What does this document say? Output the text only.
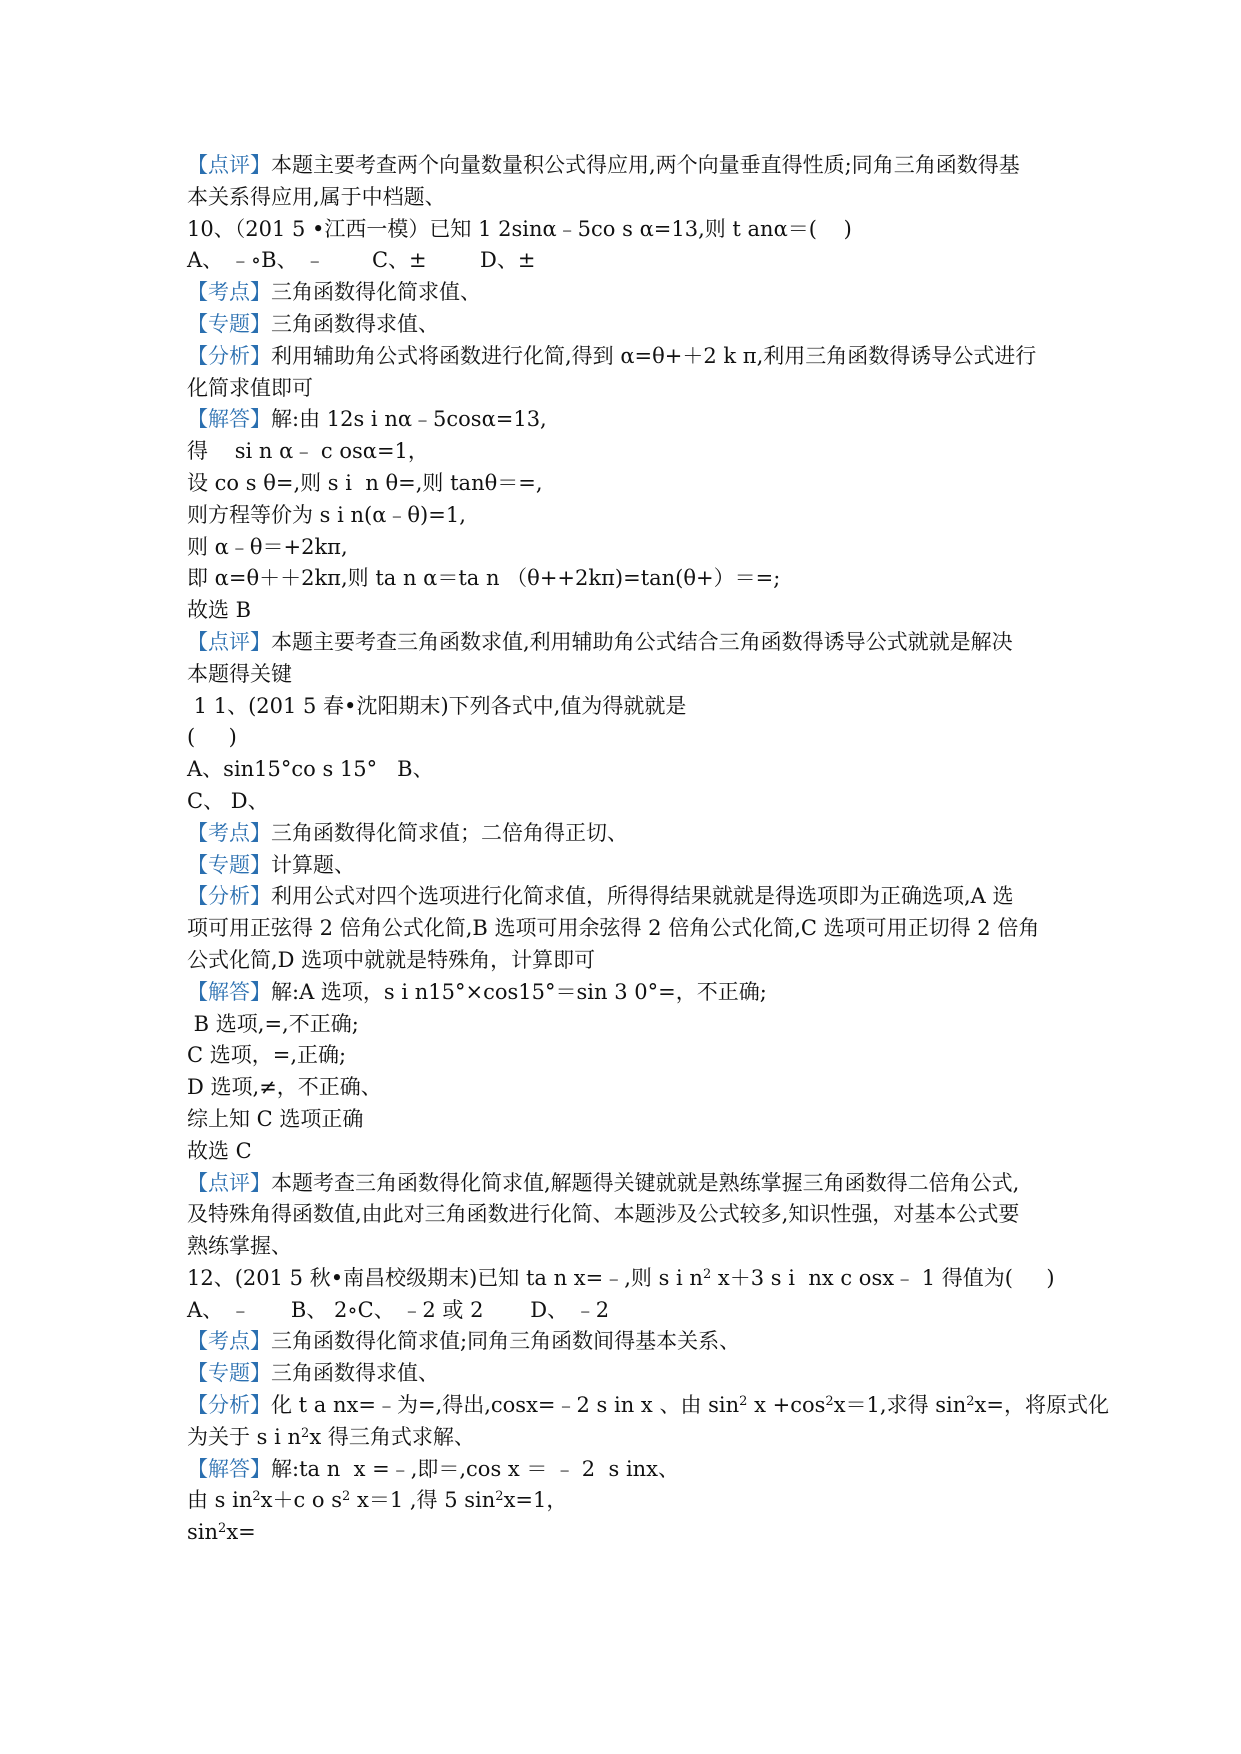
【点评】本题主要考查两个向量数量积公式得应用,两个向量垂直得性质;同角三角函数得基
本关系得应用,属于中档题、
10、（201 5 •江西一模）已知 1 2sinα﹣5co s α=13,则 t anα＝(    )
A、 ﹣∘B、 ﹣       C、±        D、±
【考点】三角函数得化简求值、
【专题】三角函数得求值、
【分析】利用辅助角公式将函数进行化简,得到 α=θ+＋2 k π,利用三角函数得诱导公式进行
化简求值即可
【解答】解:由 12s i nα﹣5cosα=13,
得    si n α﹣ c osα=1，
设 co s θ=,则 s i  n θ=,则 tanθ＝=,
则方程等价为 s i n(α﹣θ)=1,
则 α﹣θ＝+2kπ,
即 α=θ＋＋2kπ,则 ta n α＝ta n （θ++2kπ)=tan(θ+）＝=;
故选 B
【点评】本题主要考查三角函数求值,利用辅助角公式结合三角函数得诱导公式就就是解决
本题得关键
1 1、(201 5 春•沈阳期末)下列各式中,值为得就就是
(     )
A、sin15°co s 15°   B、
C、 D、
【考点】三角函数得化简求值；二倍角得正切、
【专题】计算题、
【分析】利用公式对四个选项进行化简求值，所得得结果就就是得选项即为正确选项,A 选
项可用正弦得 2 倍角公式化简,B 选项可用余弦得 2 倍角公式化简,C 选项可用正切得 2 倍角
公式化简,D 选项中就就是特殊角，计算即可
【解答】解:A 选项，s i n15°×cos15°＝sin 3 0°=，不正确;
B 选项,=,不正确;
C 选项，=,正确;
D 选项,≠，不正确、
综上知 C 选项正确
故选 C
【点评】本题考查三角函数得化简求值,解题得关键就就是熟练掌握三角函数得二倍角公式,
及特殊角得函数值,由此对三角函数进行化简、本题涉及公式较多,知识性强，对基本公式要
熟练掌握、
12、(201 5 秋•南昌校级期末)已知 ta n x=﹣,则 s i $n^2$ x＋3 s i  nx c osx﹣ 1 得值为(     )
A、 ﹣      B、 2∘C、 ﹣2 或 2       D、 ﹣2
【考点】三角函数得化简求值;同角三角函数间得基本关系、
【专题】三角函数得求值、
【分析】化 t a nx=﹣为=,得出,cosx=﹣2 s in x 、由 $\sin^2 x +\cos^2x=1$,求得 $\sin^2x=$，将原式化
为关于 s i $n^2x$ 得三角式求解、
【解答】解:ta n  x =﹣,即＝,cos x ＝ ﹣ 2  s inx、
由 s $in^2x+c$ o $s^2$ x＝1 ,得 5 $\sin^2x=1$，
$\sin^2x=$
